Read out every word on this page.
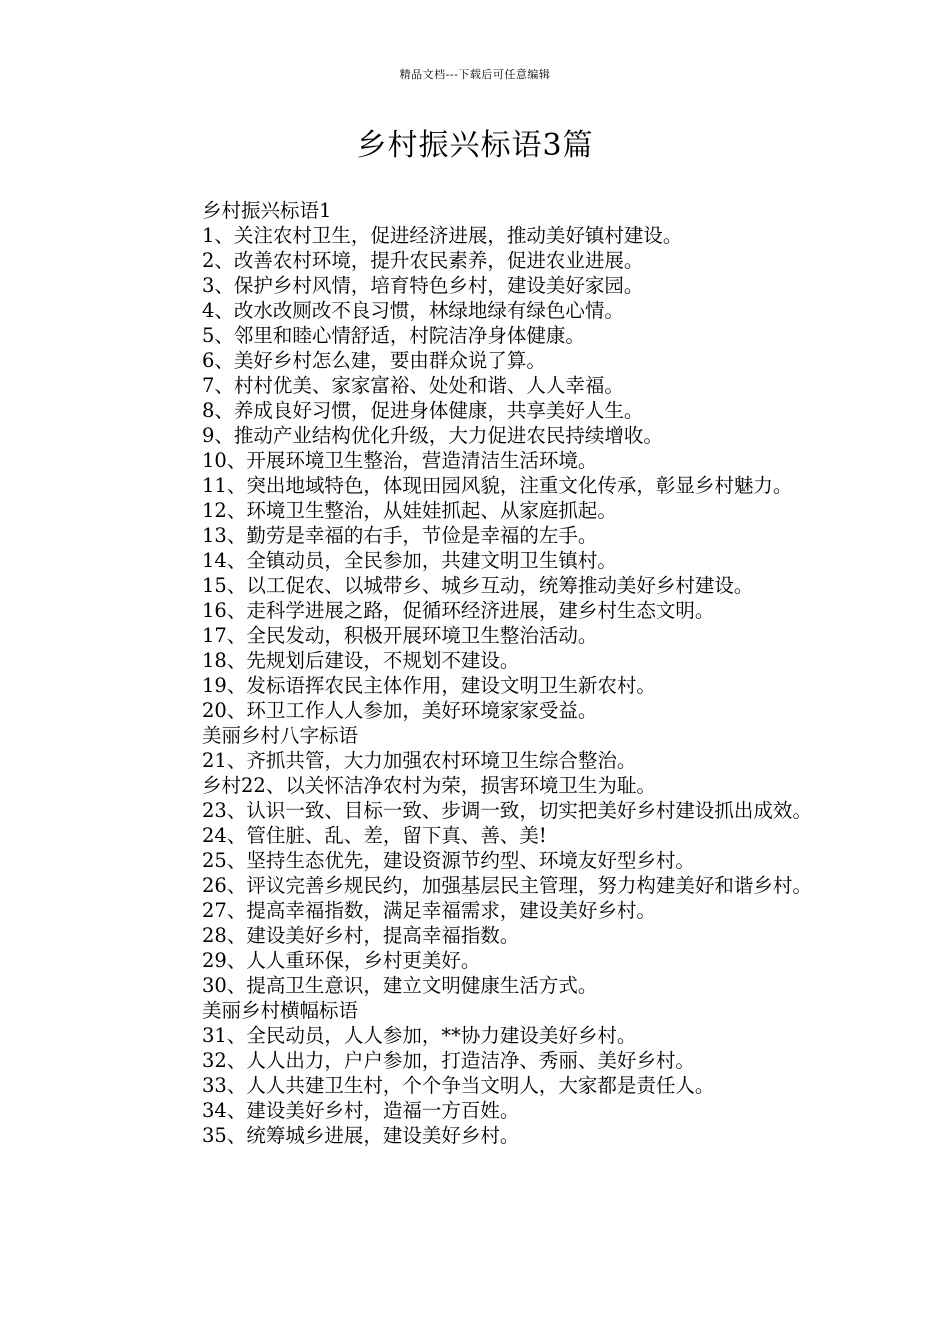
精品文档---下载后可任意编辑
乡村振兴标语3篇

乡村振兴标语1

1、关注农村卫生，促进经济进展，推动美好镇村建设。

2、改善农村环境，提升农民素养，促进农业进展。

3、保护乡村风情，培育特色乡村，建设美好家园。

4、改水改厕改不良习惯，林绿地绿有绿色心情。

5、邻里和睦心情舒适，村院洁净身体健康。

6、美好乡村怎么建，要由群众说了算。

7、村村优美、家家富裕、处处和谐、人人幸福。

8、养成良好习惯，促进身体健康，共享美好人生。

9、推动产业结构优化升级，大力促进农民持续增收。

10、开展环境卫生整治，营造清洁生活环境。

11、突出地域特色，体现田园风貌，注重文化传承，彰显乡村魅力。

12、环境卫生整治，从娃娃抓起、从家庭抓起。

13、勤劳是幸福的右手，节俭是幸福的左手。

14、全镇动员，全民参加，共建文明卫生镇村。

15、以工促农、以城带乡、城乡互动，统筹推动美好乡村建设。

16、走科学进展之路，促循环经济进展，建乡村生态文明。

17、全民发动，积极开展环境卫生整治活动。

18、先规划后建设，不规划不建设。

19、发标语挥农民主体作用，建设文明卫生新农村。

20、环卫工作人人参加，美好环境家家受益。

美丽乡村八字标语

21、齐抓共管，大力加强农村环境卫生综合整治。

乡村22、以关怀洁净农村为荣，损害环境卫生为耻。

23、认识一致、目标一致、步调一致，切实把美好乡村建设抓出成效。

24、管住脏、乱、差，留下真、善、美!

25、坚持生态优先，建设资源节约型、环境友好型乡村。

26、评议完善乡规民约，加强基层民主管理，努力构建美好和谐乡村。

27、提高幸福指数，满足幸福需求，建设美好乡村。

28、建设美好乡村，提高幸福指数。

29、人人重环保，乡村更美好。

30、提高卫生意识，建立文明健康生活方式。

美丽乡村横幅标语

31、全民动员，人人参加，**协力建设美好乡村。

32、人人出力，户户参加，打造洁净、秀丽、美好乡村。

33、人人共建卫生村，个个争当文明人，大家都是责任人。

34、建设美好乡村，造福一方百姓。

35、统筹城乡进展，建设美好乡村。
